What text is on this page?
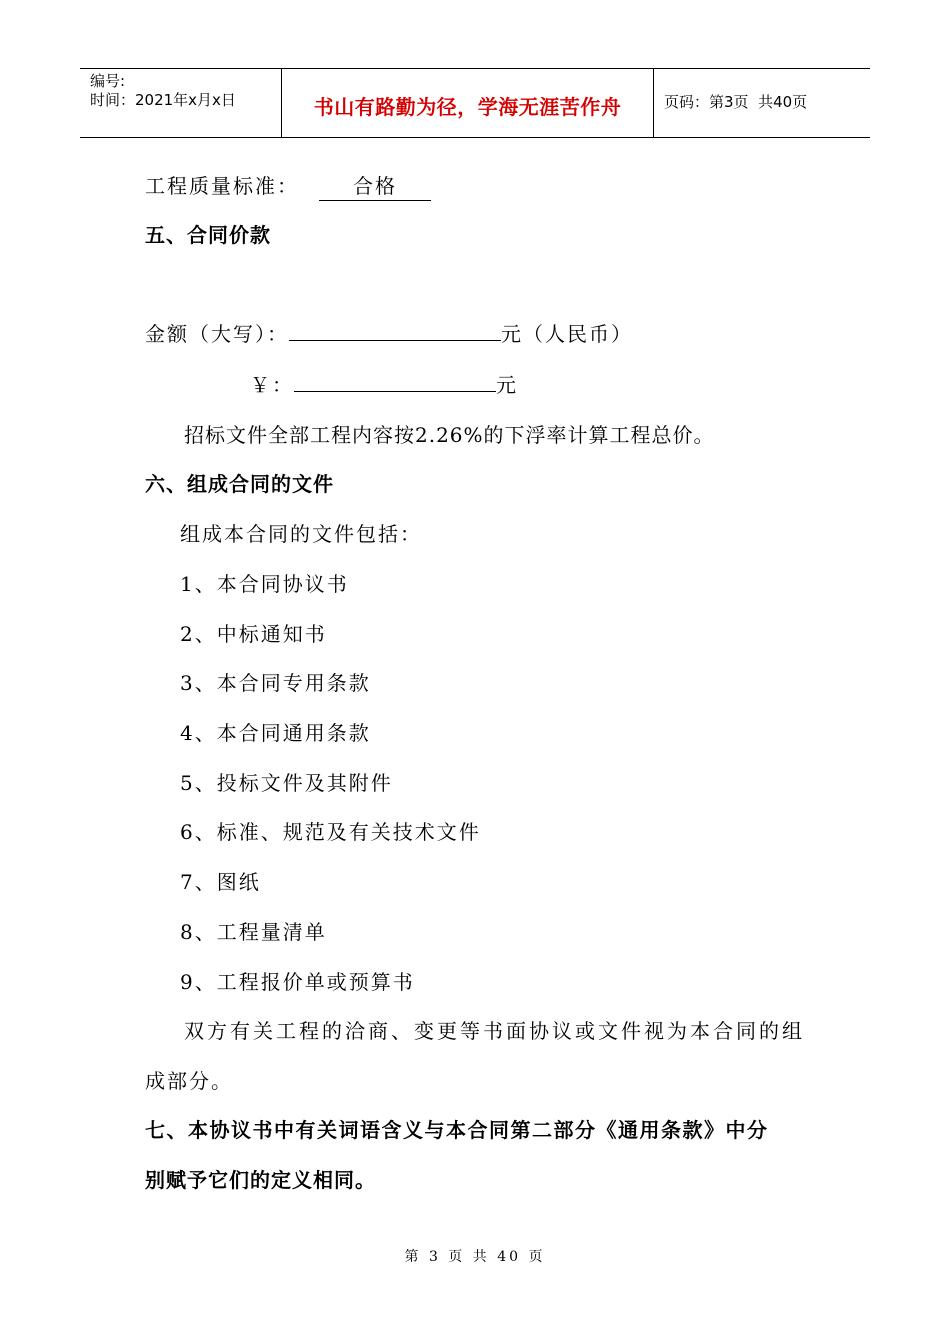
编号:
时间：2021年x月x日	书山有路勤为径，学海无涯苦作舟	页码：第3页  共40页
工程质量标准：	合格
五、合同价款
金额（大写）：	元（人民币）
￥：	元
招标文件全部工程内容按2.26%的下浮率计算工程总价。
六、组成合同的文件
组成本合同的文件包括：
1、本合同协议书
2、中标通知书
3、本合同专用条款
4、本合同通用条款
5、投标文件及其附件
6、标准、规范及有关技术文件
7、图纸
8、工程量清单
9、工程报价单或预算书
双方有关工程的洽商、变更等书面协议或文件视为本合同的组
成部分。
七、本协议书中有关词语含义与本合同第二部分《通用条款》中分
别赋予它们的定义相同。
第 3 页 共 40 页
